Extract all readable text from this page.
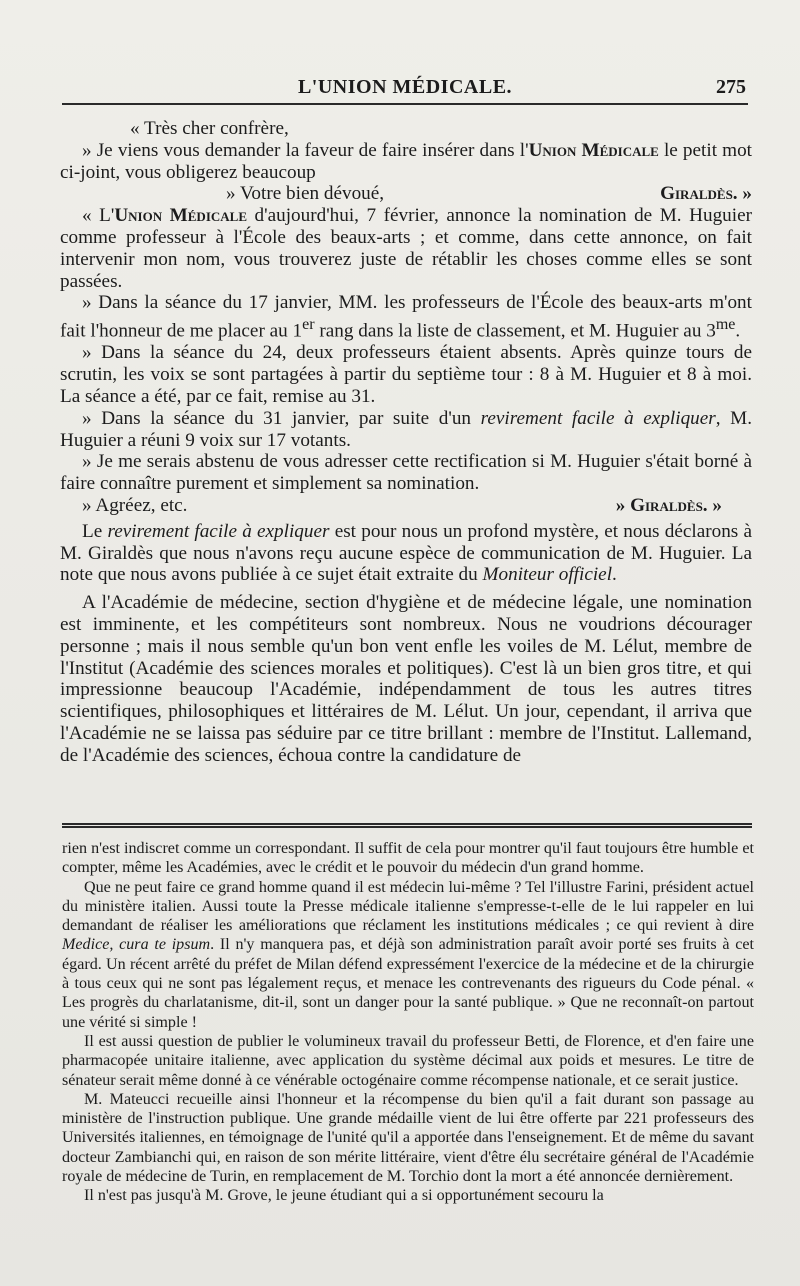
L'UNION MÉDICALE.	275

« Très cher confrère,

» Je viens vous demander la faveur de faire insérer dans l'Union Médicale le petit mot ci-joint, vous obligerez beaucoup

» Votre bien dévoué,	Giraldès. »

« L'Union Médicale d'aujourd'hui, 7 février, annonce la nomination de M. Huguier comme professeur à l'École des beaux-arts ; et comme, dans cette annonce, on fait intervenir mon nom, vous trouverez juste de rétablir les choses comme elles se sont passées.

» Dans la séance du 17 janvier, MM. les professeurs de l'École des beaux-arts m'ont fait l'honneur de me placer au 1er rang dans la liste de classement, et M. Huguier au $3^{me}$.

» Dans la séance du 24, deux professeurs étaient absents. Après quinze tours de scrutin, les voix se sont partagées à partir du septième tour : 8 à M. Huguier et 8 à moi. La séance a été, par ce fait, remise au 31.

» Dans la séance du 31 janvier, par suite d'un revirement facile à expliquer, M. Huguier a réuni 9 voix sur 17 votants.

» Je me serais abstenu de vous adresser cette rectification si M. Huguier s'était borné à faire connaître purement et simplement sa nomination.

» Agréez, etc.	» Giraldès. »

Le revirement facile à expliquer est pour nous un profond mystère, et nous déclarons à M. Giraldès que nous n'avons reçu aucune espèce de communication de M. Huguier. La note que nous avons publiée à ce sujet était extraite du Moniteur officiel.

A l'Académie de médecine, section d'hygiène et de médecine légale, une nomination est imminente, et les compétiteurs sont nombreux. Nous ne voudrions décourager personne ; mais il nous semble qu'un bon vent enfle les voiles de M. Lélut, membre de l'Institut (Académie des sciences morales et politiques). C'est là un bien gros titre, et qui impressionne beaucoup l'Académie, indépendamment de tous les autres titres scientifiques, philosophiques et littéraires de M. Lélut. Un jour, cependant, il arriva que l'Académie ne se laissa pas séduire par ce titre brillant : membre de l'Institut. Lallemand, de l'Académie des sciences, échoua contre la candidature de

rien n'est indiscret comme un correspondant. Il suffit de cela pour montrer qu'il faut toujours être humble et compter, même les Académies, avec le crédit et le pouvoir du médecin d'un grand homme.

Que ne peut faire ce grand homme quand il est médecin lui-même ? Tel l'illustre Farini, président actuel du ministère italien. Aussi toute la Presse médicale italienne s'empresse-t-elle de le lui rappeler en lui demandant de réaliser les améliorations que réclament les institutions médicales ; ce qui revient à dire Medice, cura te ipsum. Il n'y manquera pas, et déjà son administration paraît avoir porté ses fruits à cet égard. Un récent arrêté du préfet de Milan défend expressément l'exercice de la médecine et de la chirurgie à tous ceux qui ne sont pas légalement reçus, et menace les contrevenants des rigueurs du Code pénal. « Les progrès du charlatanisme, dit-il, sont un danger pour la santé publique. » Que ne reconnaît-on partout une vérité si simple !

Il est aussi question de publier le volumineux travail du professeur Betti, de Florence, et d'en faire une pharmacopée unitaire italienne, avec application du système décimal aux poids et mesures. Le titre de sénateur serait même donné à ce vénérable octogénaire comme récompense nationale, et ce serait justice.

M. Mateucci recueille ainsi l'honneur et la récompense du bien qu'il a fait durant son passage au ministère de l'instruction publique. Une grande médaille vient de lui être offerte par 221 professeurs des Universités italiennes, en témoignage de l'unité qu'il a apportée dans l'enseignement. Et de même du savant docteur Zambianchi qui, en raison de son mérite littéraire, vient d'être élu secrétaire général de l'Académie royale de médecine de Turin, en remplacement de M. Torchio dont la mort a été annoncée dernièrement.

Il n'est pas jusqu'à M. Grove, le jeune étudiant qui a si opportunément secouru la
